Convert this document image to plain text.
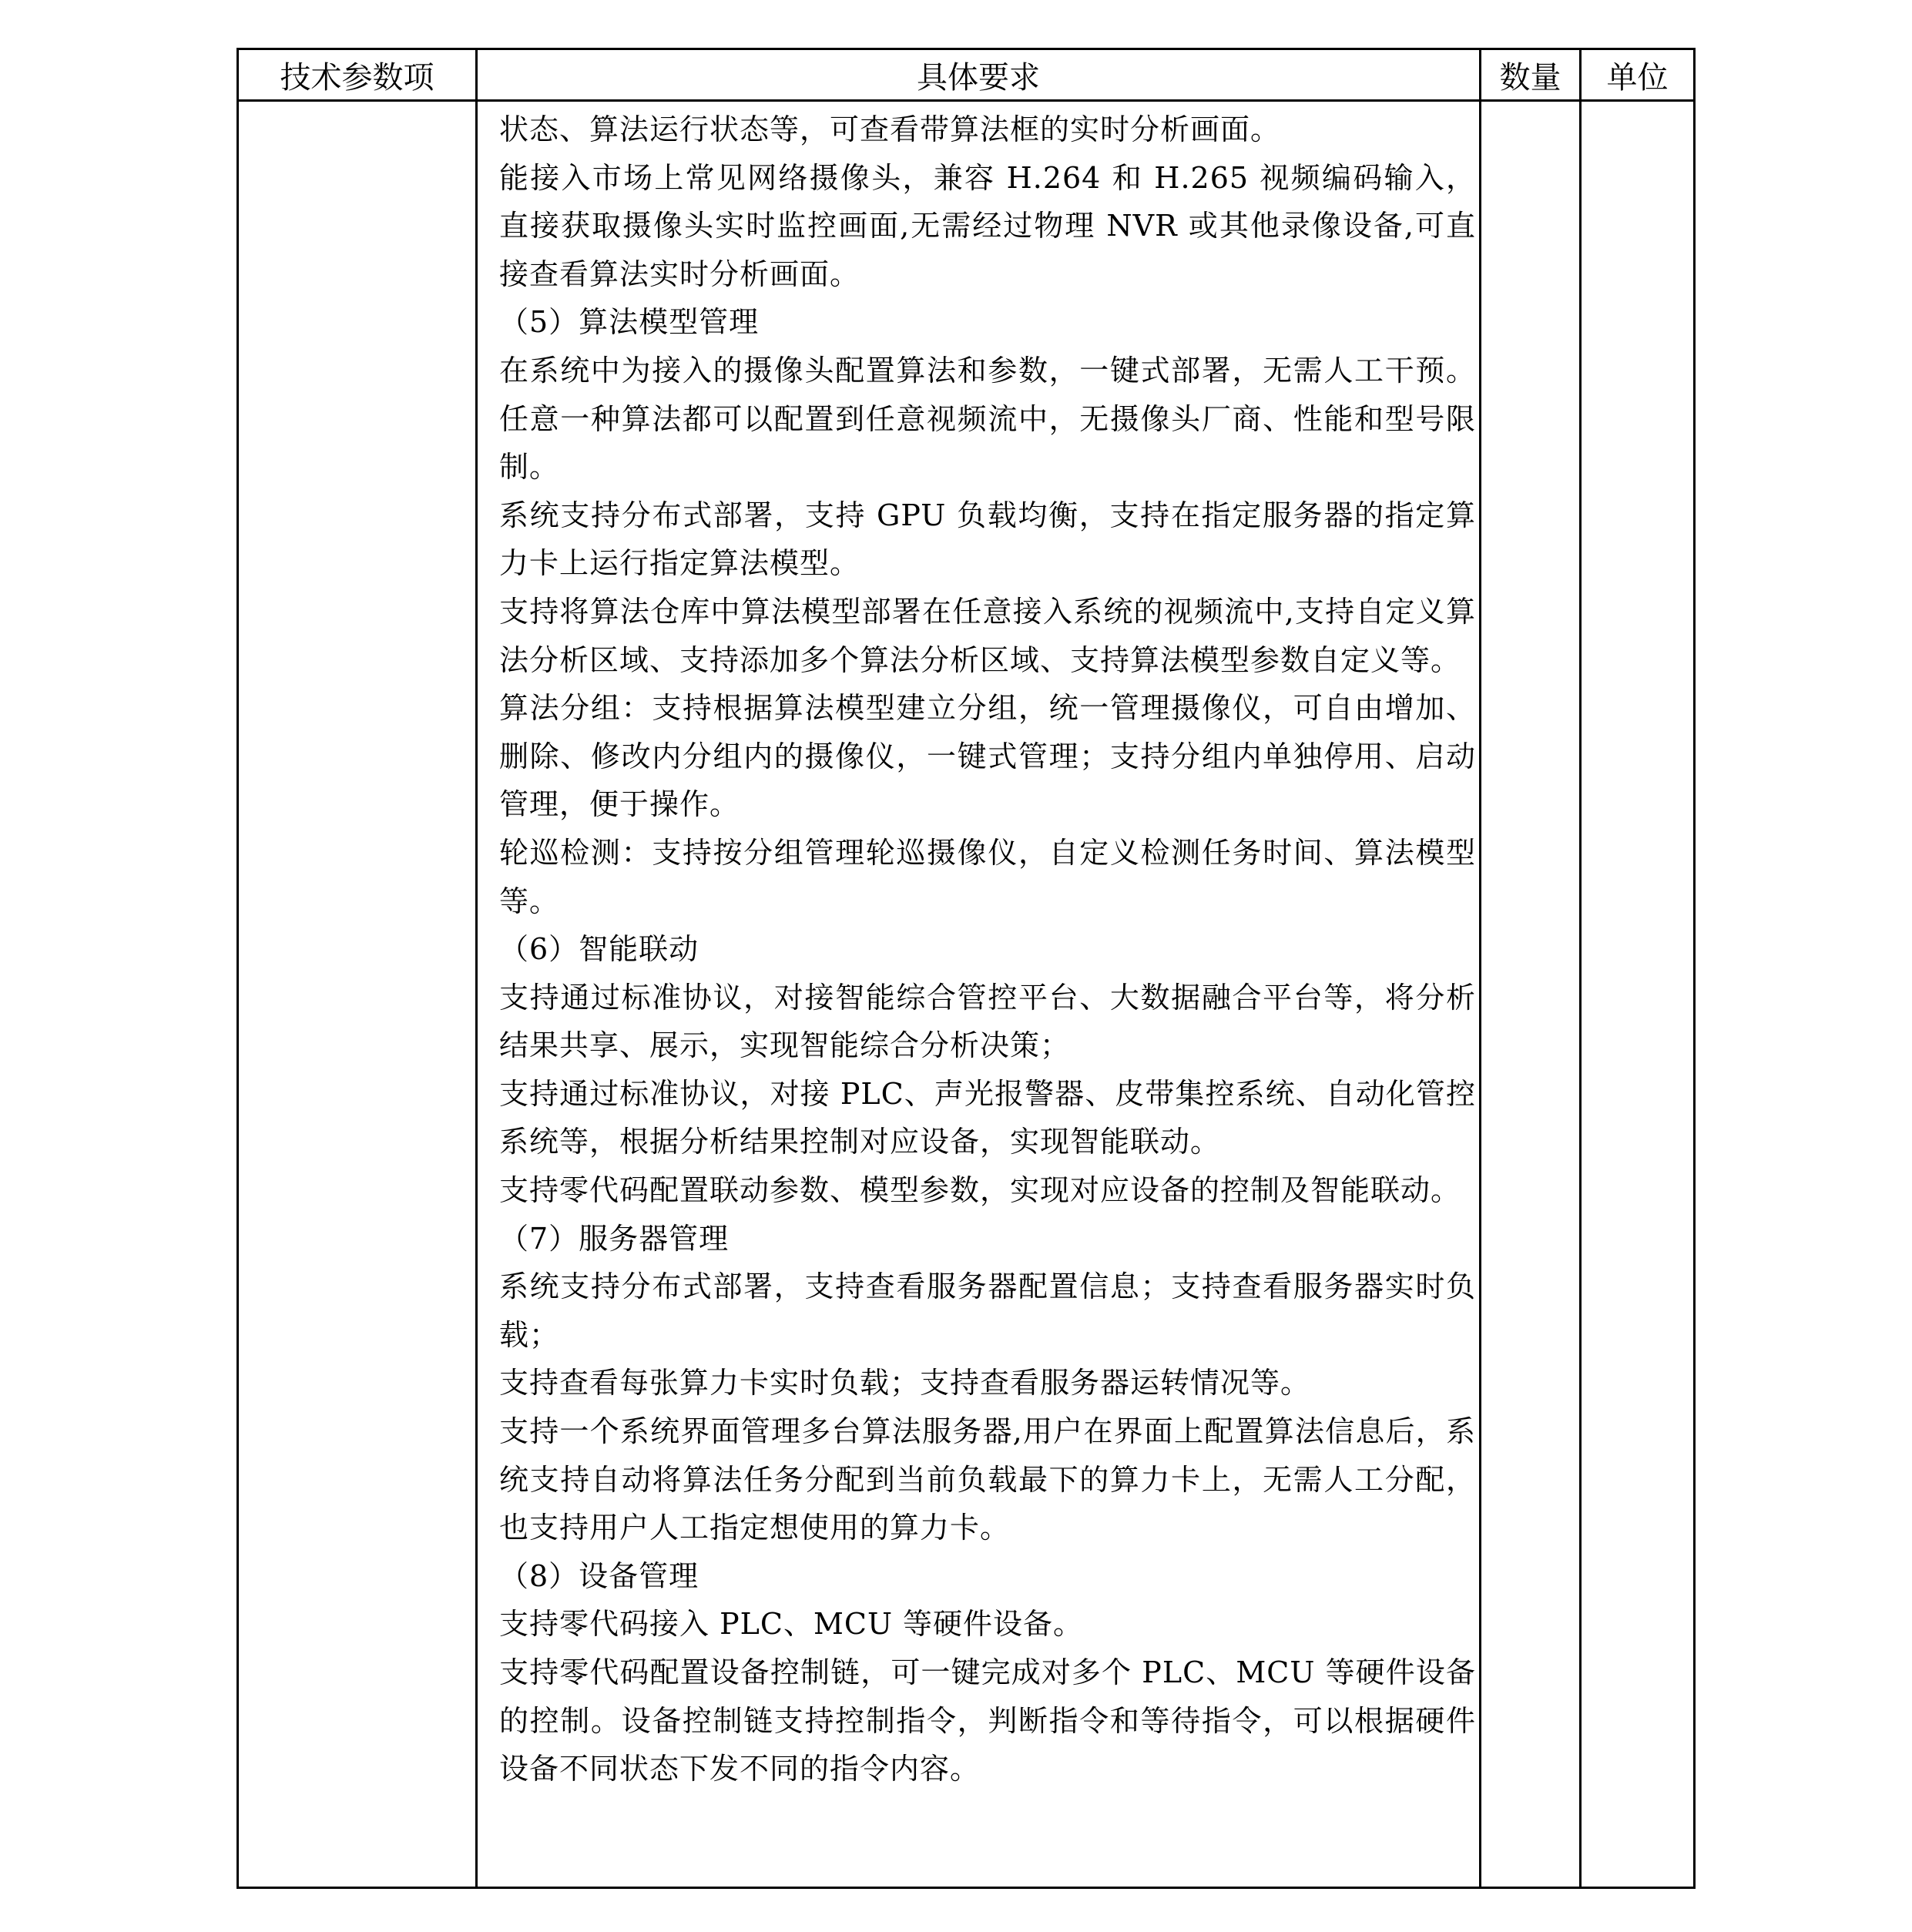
技术参数项	具体要求	数量	单位

状态、算法运行状态等，可查看带算法框的实时分析画面。

能接入市场上常见网络摄像头，兼容 H.264 和 H.265 视频编码输入，直接获取摄像头实时监控画面,无需经过物理 NVR 或其他录像设备,可直接查看算法实时分析画面。

（5）算法模型管理

在系统中为接入的摄像头配置算法和参数，一键式部署，无需人工干预。任意一种算法都可以配置到任意视频流中，无摄像头厂商、性能和型号限制。

系统支持分布式部署，支持 GPU 负载均衡，支持在指定服务器的指定算力卡上运行指定算法模型。

支持将算法仓库中算法模型部署在任意接入系统的视频流中,支持自定义算法分析区域、支持添加多个算法分析区域、支持算法模型参数自定义等。

算法分组：支持根据算法模型建立分组，统一管理摄像仪，可自由增加、删除、修改内分组内的摄像仪，一键式管理；支持分组内单独停用、启动管理，便于操作。

轮巡检测：支持按分组管理轮巡摄像仪，自定义检测任务时间、算法模型等。

（6）智能联动

支持通过标准协议，对接智能综合管控平台、大数据融合平台等，将分析结果共享、展示，实现智能综合分析决策；

支持通过标准协议，对接 PLC、声光报警器、皮带集控系统、自动化管控系统等，根据分析结果控制对应设备，实现智能联动。

支持零代码配置联动参数、模型参数，实现对应设备的控制及智能联动。

（7）服务器管理

系统支持分布式部署，支持查看服务器配置信息；支持查看服务器实时负载；

支持查看每张算力卡实时负载；支持查看服务器运转情况等。

支持一个系统界面管理多台算法服务器,用户在界面上配置算法信息后，系统支持自动将算法任务分配到当前负载最下的算力卡上，无需人工分配，也支持用户人工指定想使用的算力卡。

（8）设备管理

支持零代码接入 PLC、MCU 等硬件设备。

支持零代码配置设备控制链，可一键完成对多个 PLC、MCU 等硬件设备的控制。设备控制链支持控制指令，判断指令和等待指令，可以根据硬件设备不同状态下发不同的指令内容。
